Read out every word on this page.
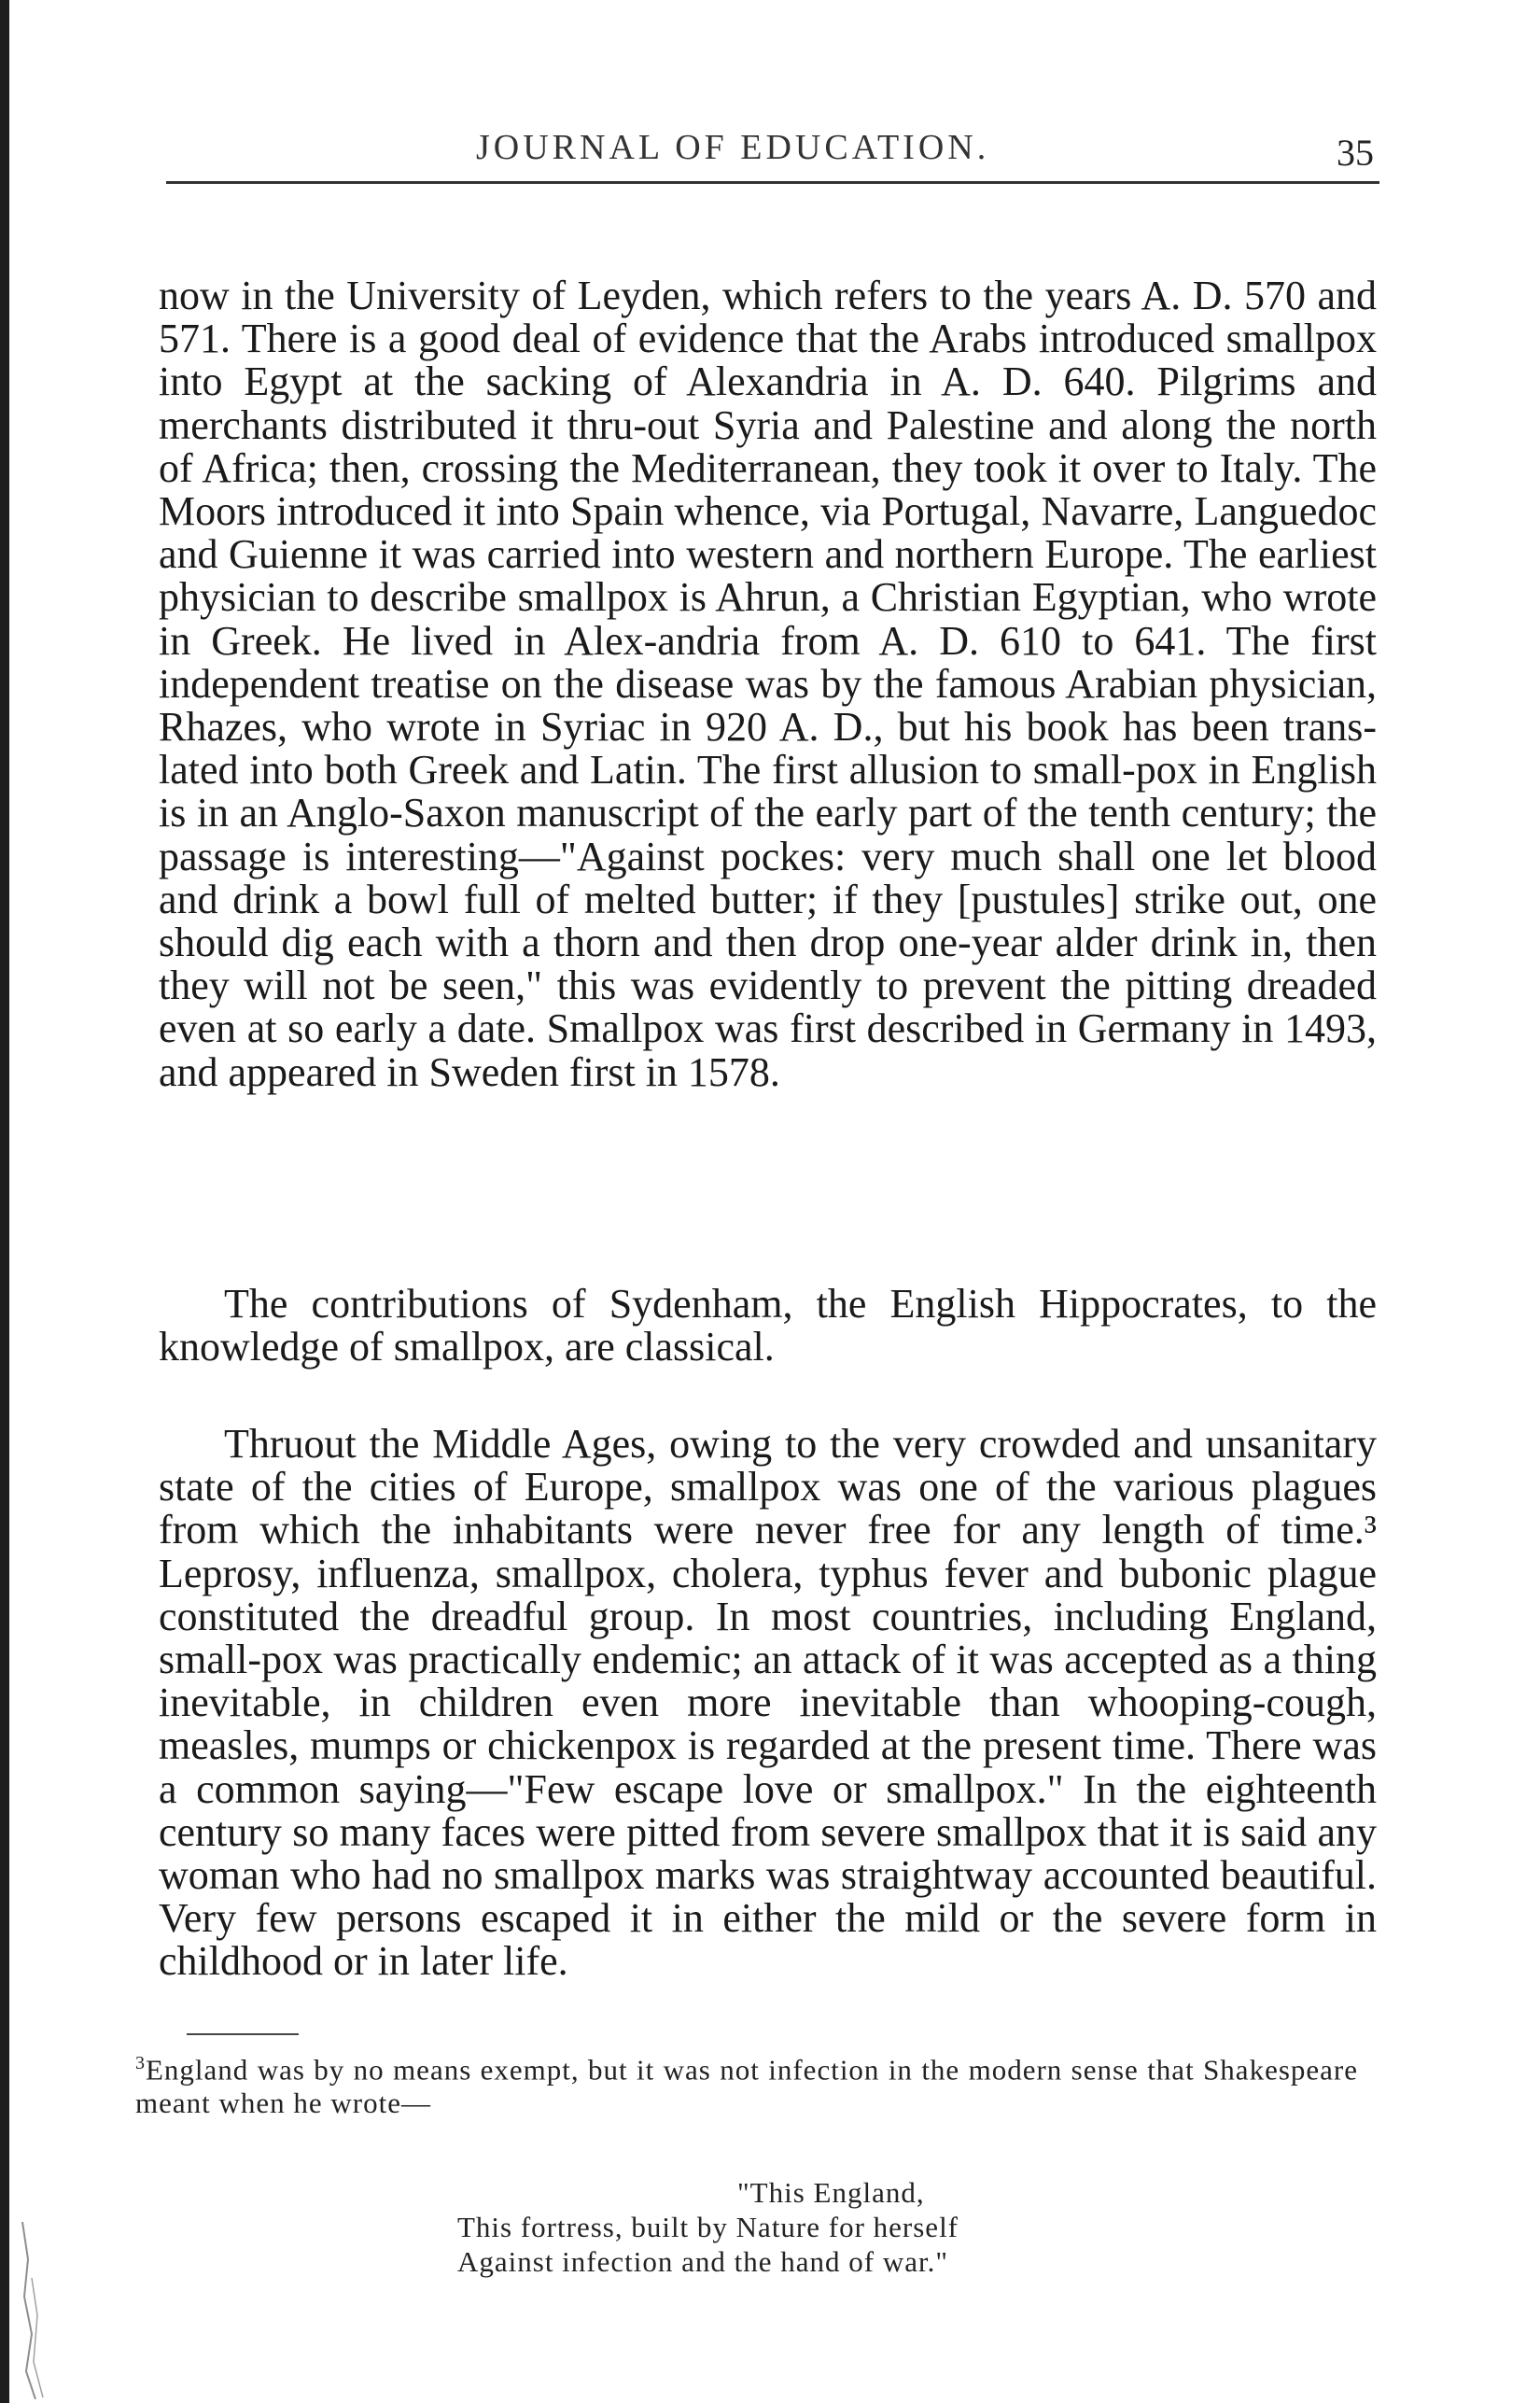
JOURNAL OF EDUCATION.	35

now in the University of Leyden, which refers to the years A. D. 570 and 571. There is a good deal of evidence that the Arabs introduced smallpox into Egypt at the sacking of Alexandria in A. D. 640. Pilgrims and merchants distributed it thru-out Syria and Palestine and along the north of Africa; then, crossing the Mediterranean, they took it over to Italy. The Moors introduced it into Spain whence, via Portugal, Navarre, Languedoc and Guienne it was carried into western and northern Europe. The earliest physician to describe smallpox is Ahrun, a Christian Egyptian, who wrote in Greek. He lived in Alex-andria from A. D. 610 to 641. The first independent treatise on the disease was by the famous Arabian physician, Rhazes, who wrote in Syriac in 920 A. D., but his book has been trans-lated into both Greek and Latin. The first allusion to small-pox in English is in an Anglo-Saxon manuscript of the early part of the tenth century; the passage is interesting—"Against pockes: very much shall one let blood and drink a bowl full of melted butter; if they [pustules] strike out, one should dig each with a thorn and then drop one-year alder drink in, then they will not be seen," this was evidently to prevent the pitting dreaded even at so early a date. Smallpox was first described in Germany in 1493, and appeared in Sweden first in 1578.

The contributions of Sydenham, the English Hippocrates, to the knowledge of smallpox, are classical.

Thruout the Middle Ages, owing to the very crowded and unsanitary state of the cities of Europe, smallpox was one of the various plagues from which the inhabitants were never free for any length of time.³ Leprosy, influenza, smallpox, cholera, typhus fever and bubonic plague constituted the dreadful group. In most countries, including England, small-pox was practically endemic; an attack of it was accepted as a thing inevitable, in children even more inevitable than whooping-cough, measles, mumps or chickenpox is regarded at the present time. There was a common saying—"Few escape love or smallpox." In the eighteenth century so many faces were pitted from severe smallpox that it is said any woman who had no smallpox marks was straightway accounted beautiful. Very few persons escaped it in either the mild or the severe form in childhood or in later life.

$^3$England was by no means exempt, but it was not infection in the modern sense that Shakespeare meant when he wrote—
"This England,
This fortress, built by Nature for herself
Against infection and the hand of war."
